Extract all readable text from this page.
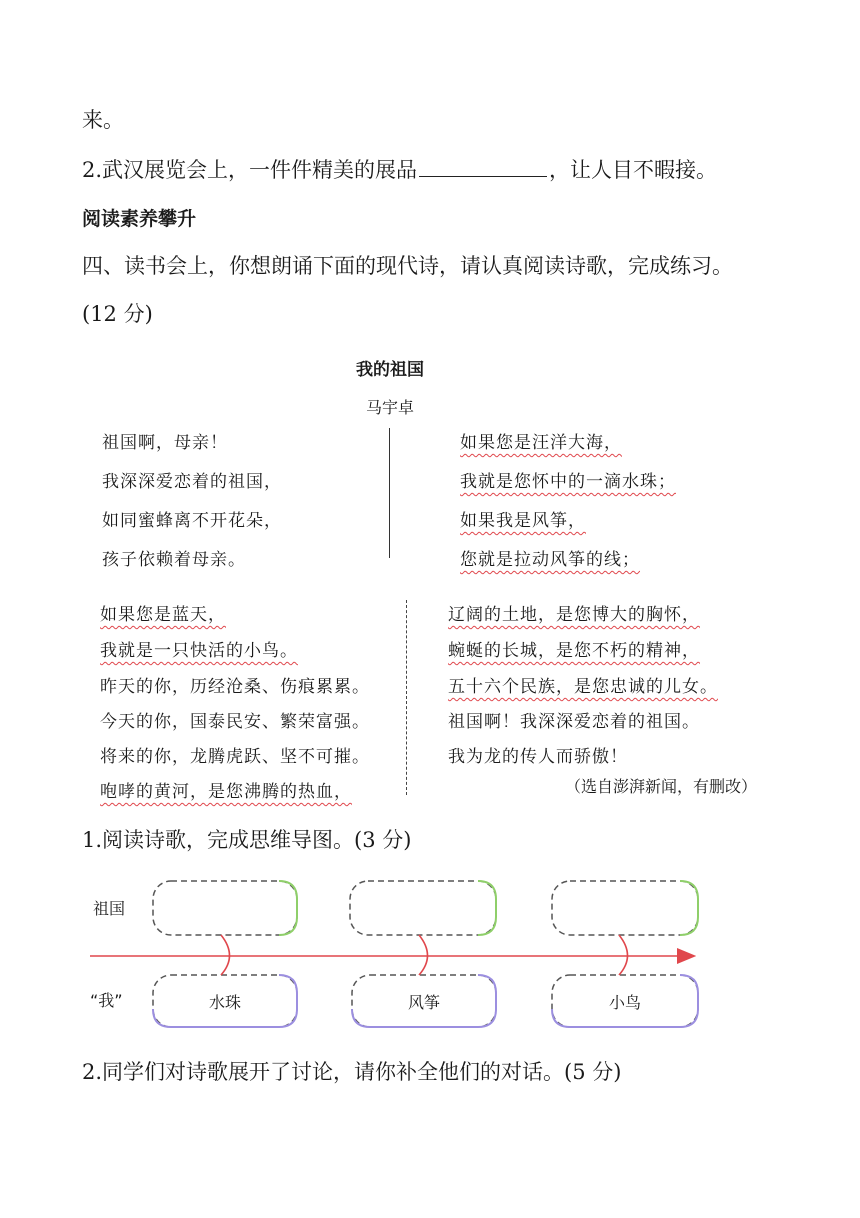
来。
2.武汉展览会上，一件件精美的展品	，让人目不暇接。
阅读素养攀升
四、读书会上，你想朗诵下面的现代诗，请认真阅读诗歌，完成练习。
(12 分)
我的祖国
马宇卓
祖国啊，母亲！
我深深爱恋着的祖国，
如同蜜蜂离不开花朵，
孩子依赖着母亲。
如果您是汪洋大海，
我就是您怀中的一滴水珠；
如果我是风筝，
您就是拉动风筝的线；
如果您是蓝天，
我就是一只快活的小鸟。
昨天的你，历经沧桑、伤痕累累。
今天的你，国泰民安、繁荣富强。
将来的你，龙腾虎跃、坚不可摧。
咆哮的黄河，是您沸腾的热血，
辽阔的土地，是您博大的胸怀，
蜿蜒的长城，是您不朽的精神，
五十六个民族，是您忠诚的儿女。
祖国啊！我深深爱恋着的祖国。
我为龙的传人而骄傲！
（选自澎湃新闻，有删改）
1.阅读诗歌，完成思维导图。(3 分)
祖国
“我”	水珠	风筝	小鸟
2.同学们对诗歌展开了讨论，请你补全他们的对话。(5 分)
